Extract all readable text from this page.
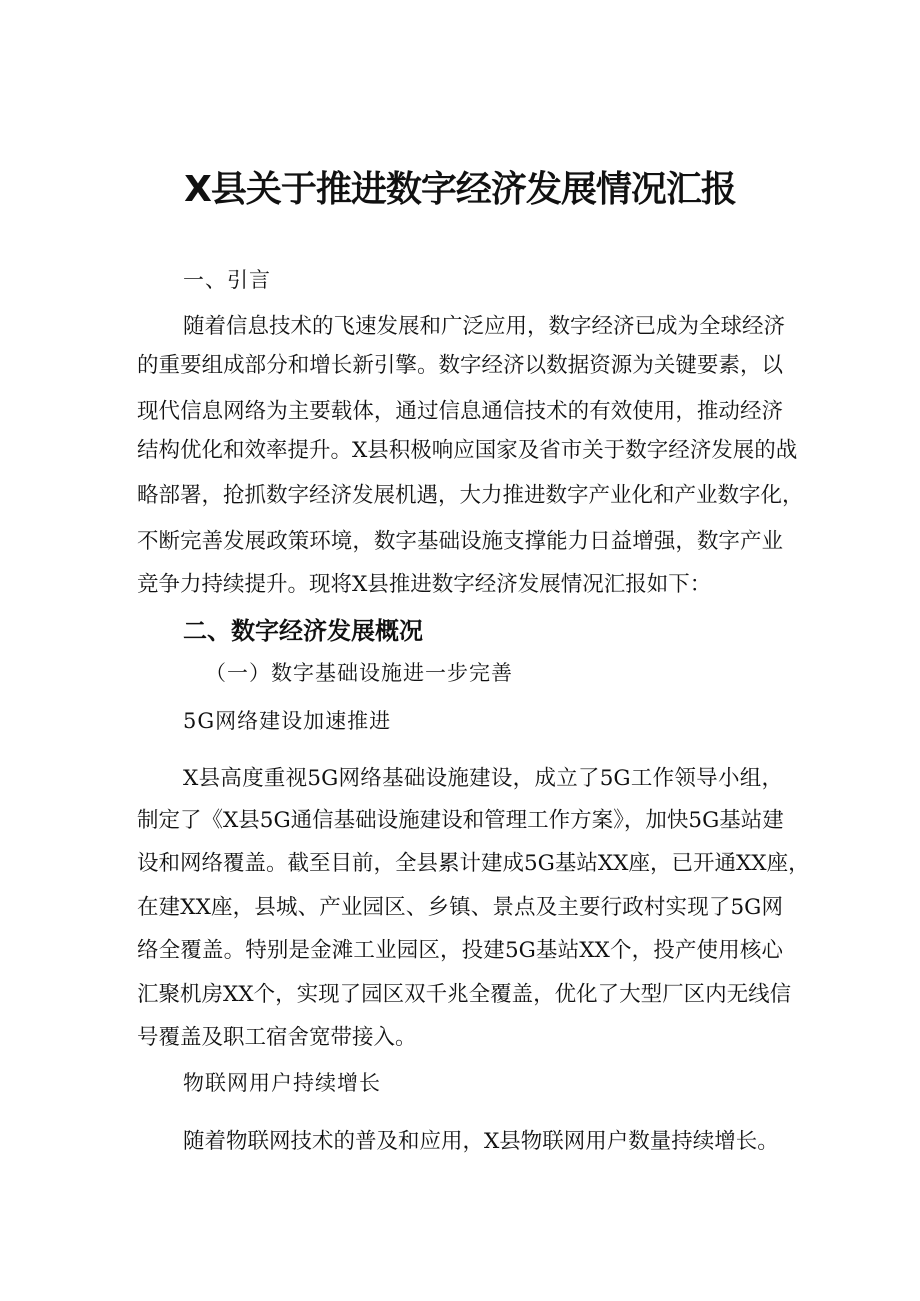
X县关于推进数字经济发展情况汇报
一、引言
随着信息技术的飞速发展和广泛应用，数字经济已成为全球经济
的重要组成部分和增长新引擎。数字经济以数据资源为关键要素，以
现代信息网络为主要载体，通过信息通信技术的有效使用，推动经济
结构优化和效率提升。X县积极响应国家及省市关于数字经济发展的战
略部署，抢抓数字经济发展机遇，大力推进数字产业化和产业数字化，
不断完善发展政策环境，数字基础设施支撑能力日益增强，数字产业
竞争力持续提升。现将X县推进数字经济发展情况汇报如下：
二、数字经济发展概况
（一）数字基础设施进一步完善
5G网络建设加速推进
X县高度重视5G网络基础设施建设，成立了5G工作领导小组，
制定了《X县5G通信基础设施建设和管理工作方案》，加快5G基站建
设和网络覆盖。截至目前，全县累计建成5G基站XX座，已开通XX座，
在建XX座，县城、产业园区、乡镇、景点及主要行政村实现了5G网
络全覆盖。特别是金滩工业园区，投建5G基站XX个，投产使用核心
汇聚机房XX个，实现了园区双千兆全覆盖，优化了大型厂区内无线信
号覆盖及职工宿舍宽带接入。
物联网用户持续增长
随着物联网技术的普及和应用，X县物联网用户数量持续增长。
